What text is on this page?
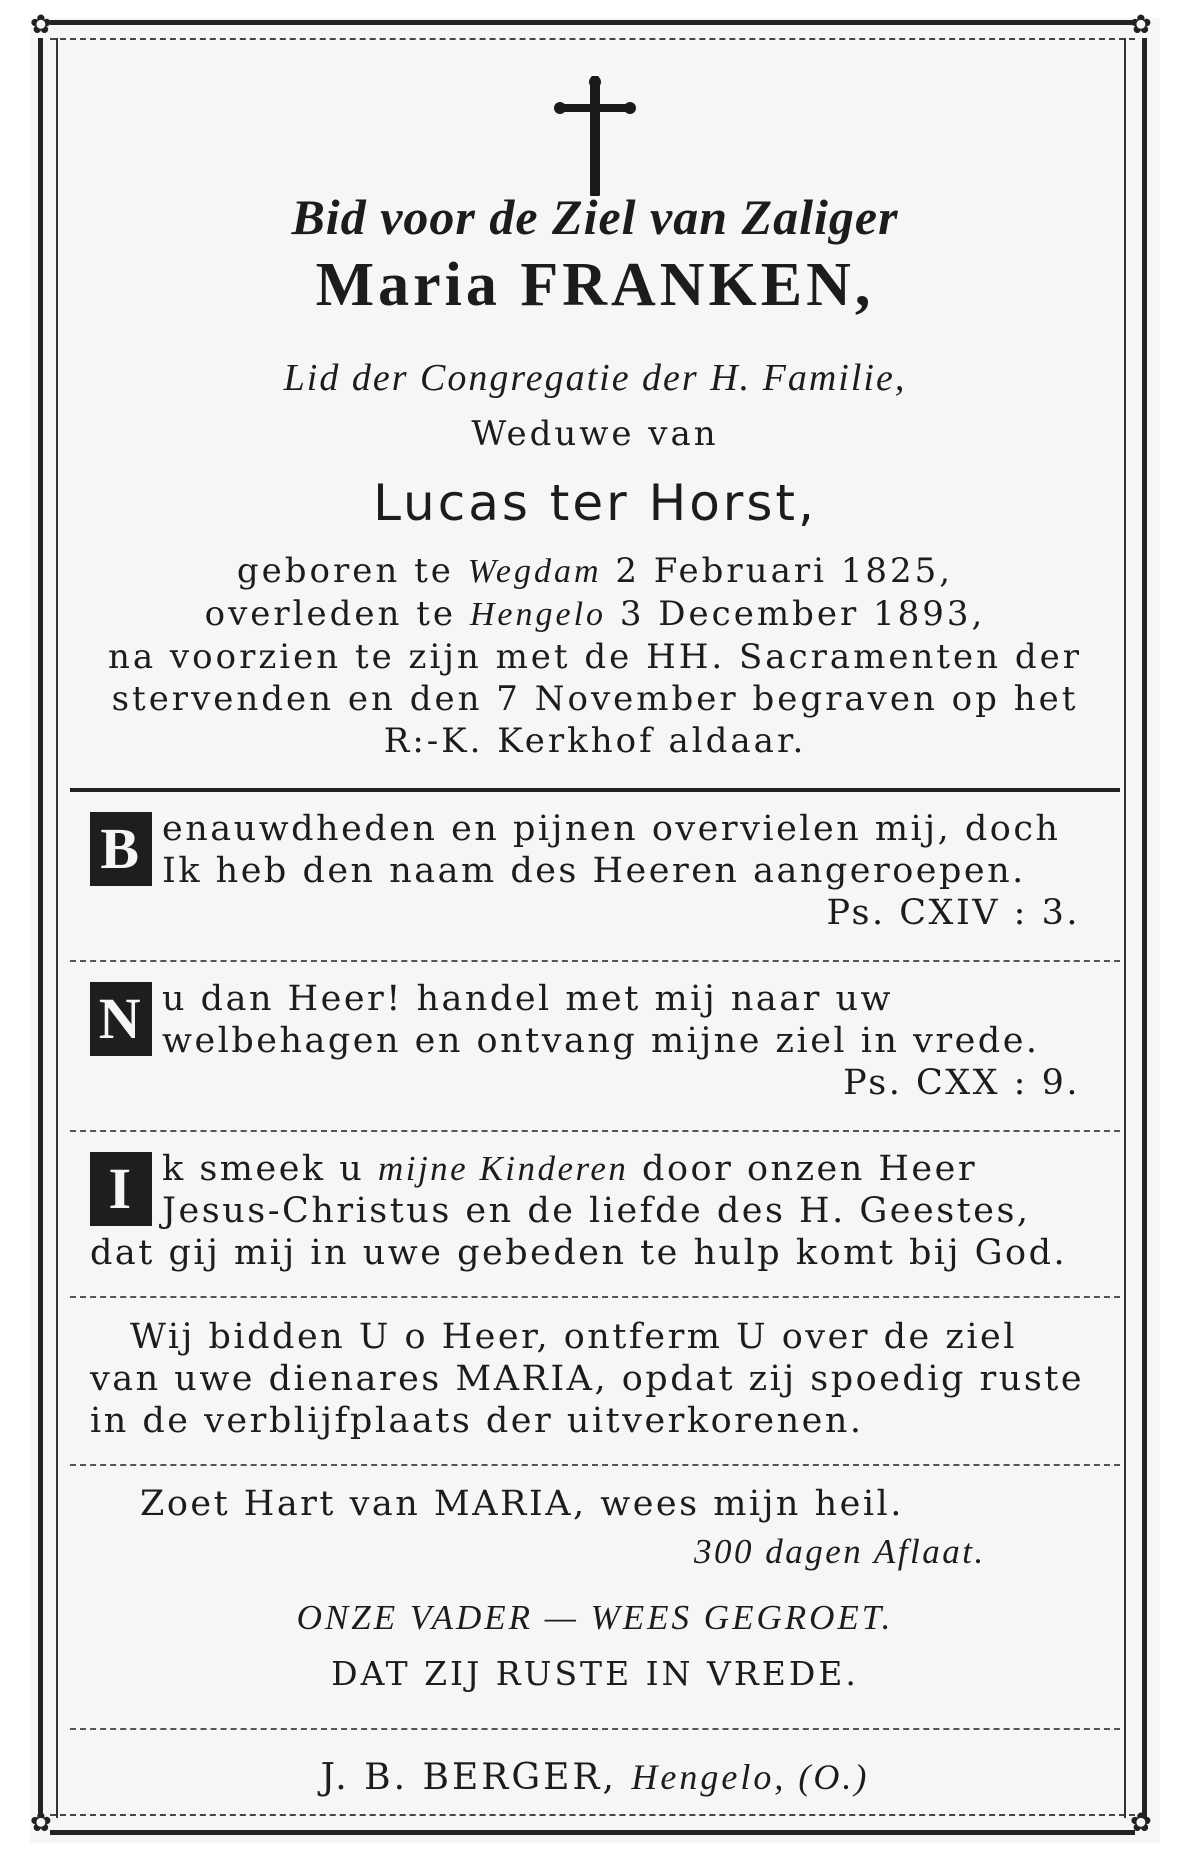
✿	✿
✿	✿
Bid voor de Ziel van Zaliger
Maria FRANKEN,
Lid der Congregatie der H. Familie,
Weduwe van
Lucas ter Horst,
geboren te Wegdam 2 Februari 1825,
overleden te Hengelo 3 December 1893,
na voorzien te zijn met de HH. Sacramenten der stervenden en den 7 November begraven op het R:-K. Kerkhof aldaar.
B enauwdheden en pijnen overvielen mij, doch Ik heb den naam des Heeren aangeroepen.
Ps. CXIV : 3.
N u dan Heer! handel met mij naar uw welbehagen en ontvang mijne ziel in vrede.
Ps. CXX : 9.
I k smeek u mijne Kinderen door onzen Heer Jesus-Christus en de liefde des H. Geestes, dat gij mij in uwe gebeden te hulp komt bij God.
Wij bidden U o Heer, ontferm U over de ziel van uwe dienares MARIA, opdat zij spoedig ruste in de verblijfplaats der uitverkorenen.
Zoet Hart van MARIA, wees mijn heil.
300 dagen Aflaat.
ONZE VADER — WEES GEGROET.
DAT ZIJ RUSTE IN VREDE.
J. B. BERGER, Hengelo, (O.)
